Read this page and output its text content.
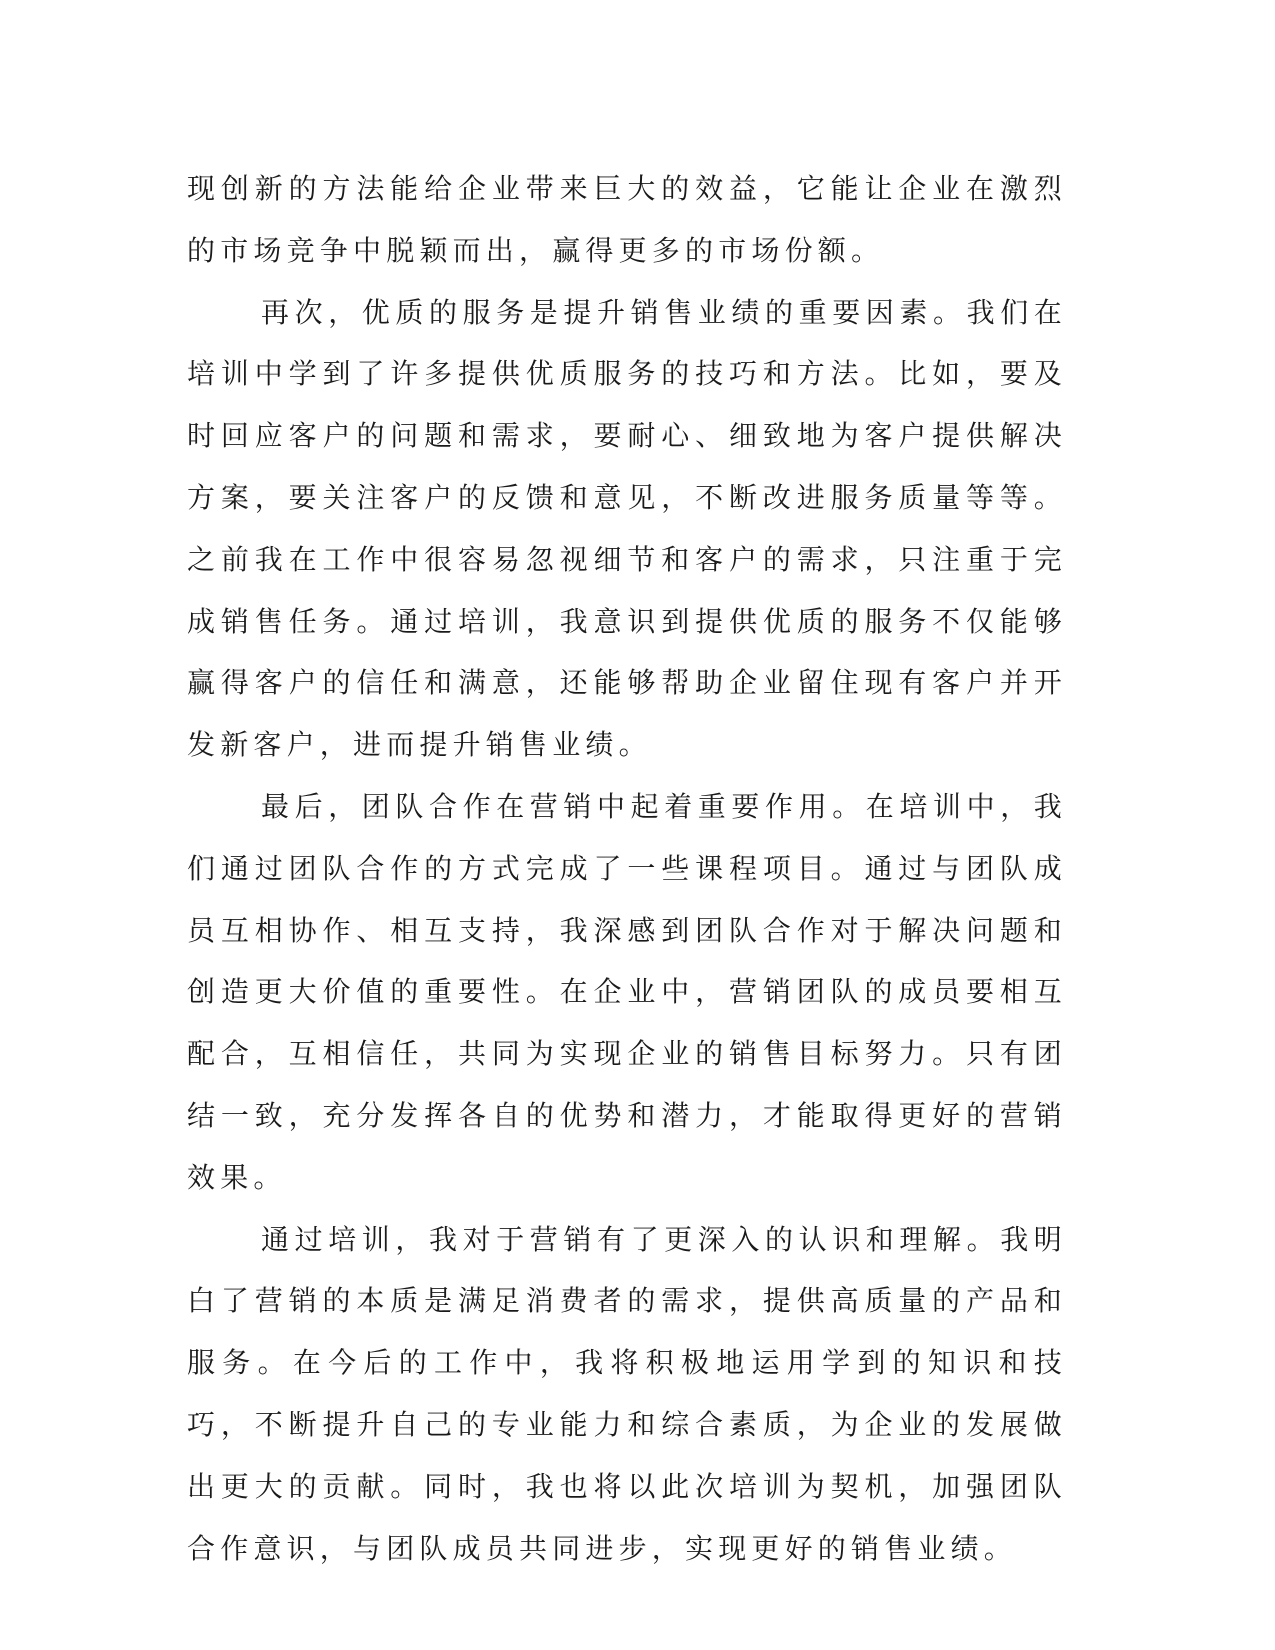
现创新的方法能给企业带来巨大的效益，它能让企业在激烈的市场竞争中脱颖而出，赢得更多的市场份额。

再次，优质的服务是提升销售业绩的重要因素。我们在培训中学到了许多提供优质服务的技巧和方法。比如，要及时回应客户的问题和需求，要耐心、细致地为客户提供解决方案，要关注客户的反馈和意见，不断改进服务质量等等。之前我在工作中很容易忽视细节和客户的需求，只注重于完成销售任务。通过培训，我意识到提供优质的服务不仅能够赢得客户的信任和满意，还能够帮助企业留住现有客户并开发新客户，进而提升销售业绩。

最后，团队合作在营销中起着重要作用。在培训中，我们通过团队合作的方式完成了一些课程项目。通过与团队成员互相协作、相互支持，我深感到团队合作对于解决问题和创造更大价值的重要性。在企业中，营销团队的成员要相互配合，互相信任，共同为实现企业的销售目标努力。只有团结一致，充分发挥各自的优势和潜力，才能取得更好的营销效果。

通过培训，我对于营销有了更深入的认识和理解。我明白了营销的本质是满足消费者的需求，提供高质量的产品和服务。在今后的工作中，我将积极地运用学到的知识和技巧，不断提升自己的专业能力和综合素质，为企业的发展做出更大的贡献。同时，我也将以此次培训为契机，加强团队合作意识，与团队成员共同进步，实现更好的销售业绩。
